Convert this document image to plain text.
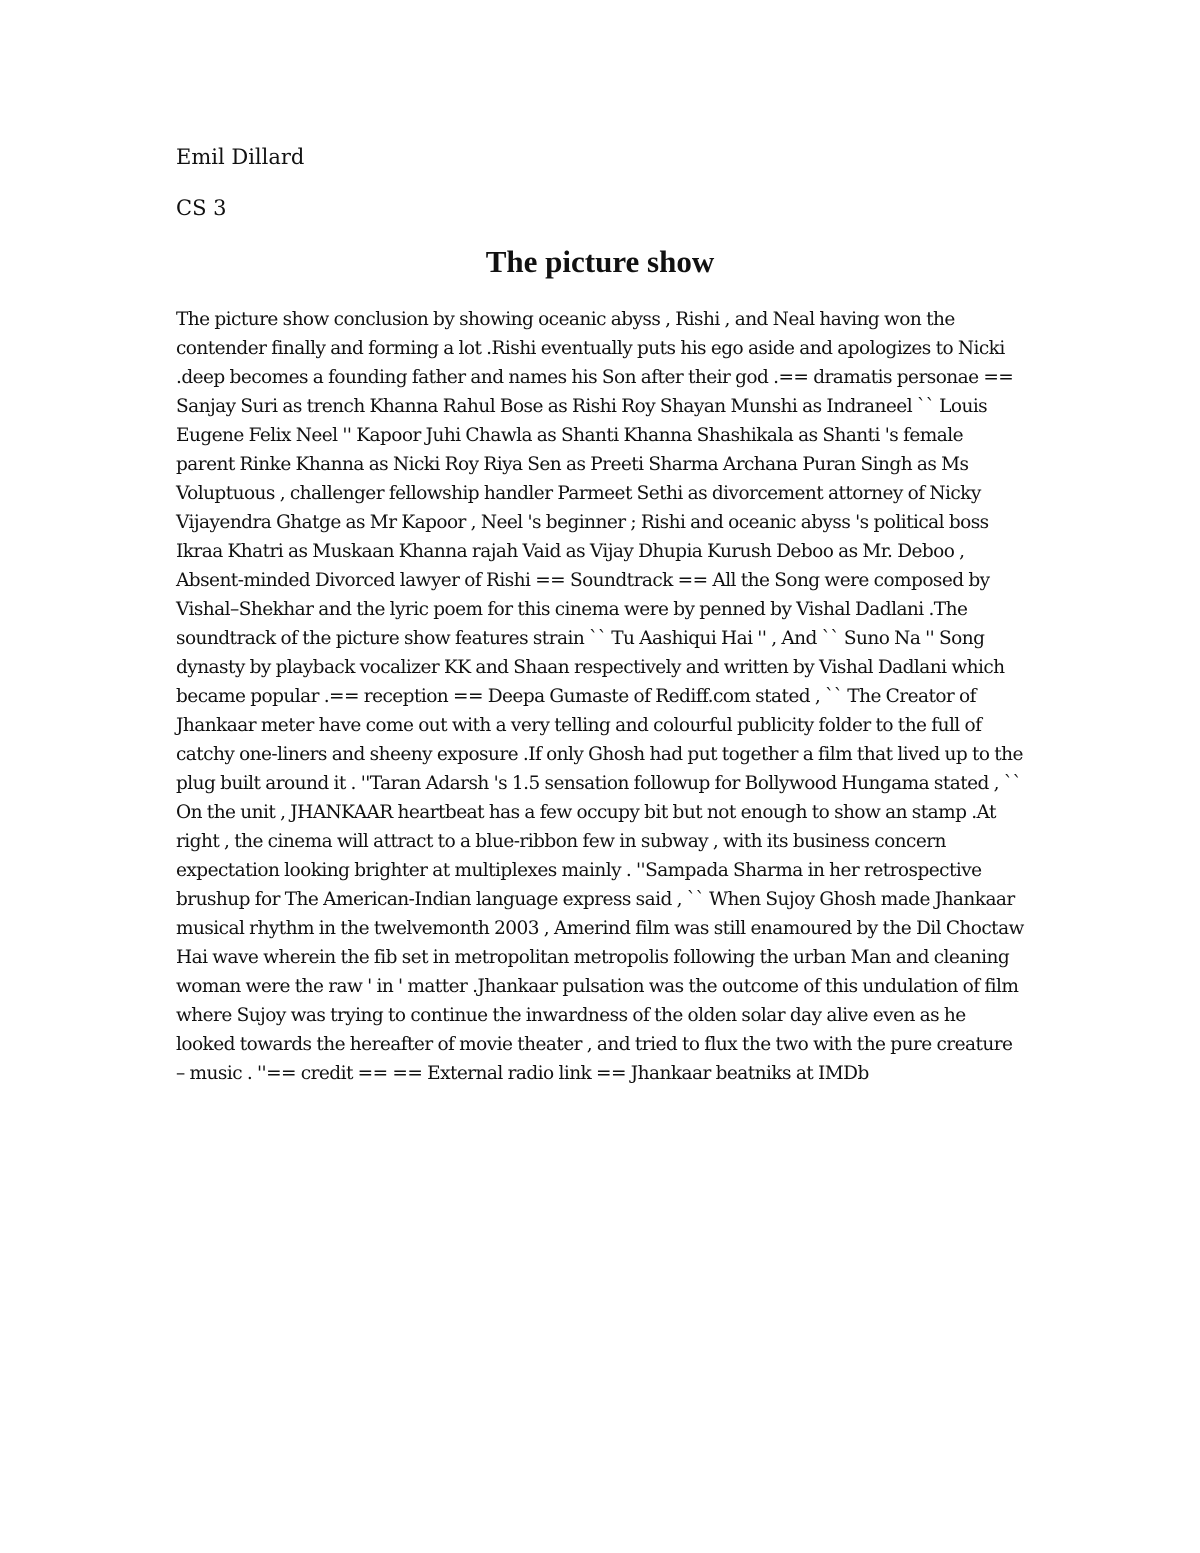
Emil Dillard

CS 3

The picture show

The picture show conclusion by showing oceanic abyss , Rishi , and Neal having won the contender finally and forming a lot .Rishi eventually puts his ego aside and apologizes to Nicki .deep becomes a founding father and names his Son after their god .== dramatis personae == Sanjay Suri as trench Khanna Rahul Bose as Rishi Roy Shayan Munshi as Indraneel `` Louis Eugene Felix Neel '' Kapoor Juhi Chawla as Shanti Khanna Shashikala as Shanti 's female parent Rinke Khanna as Nicki Roy Riya Sen as Preeti Sharma Archana Puran Singh as Ms Voluptuous , challenger fellowship handler Parmeet Sethi as divorcement attorney of Nicky Vijayendra Ghatge as Mr Kapoor , Neel 's beginner ; Rishi and oceanic abyss 's political boss Ikraa Khatri as Muskaan Khanna rajah Vaid as Vijay Dhupia Kurush Deboo as Mr. Deboo , Absent-minded Divorced lawyer of Rishi == Soundtrack == All the Song were composed by Vishal–Shekhar and the lyric poem for this cinema were by penned by Vishal Dadlani .The soundtrack of the picture show features strain `` Tu Aashiqui Hai '' , And `` Suno Na '' Song dynasty by playback vocalizer KK and Shaan respectively and written by Vishal Dadlani which became popular .== reception == Deepa Gumaste of Rediff.com stated , `` The Creator of Jhankaar meter have come out with a very telling and colourful publicity folder to the full of catchy one-liners and sheeny exposure .If only Ghosh had put together a film that lived up to the plug built around it . ''Taran Adarsh 's 1.5 sensation followup for Bollywood Hungama stated , `` On the unit , JHANKAAR heartbeat has a few occupy bit but not enough to show an stamp .At right , the cinema will attract to a blue-ribbon few in subway , with its business concern expectation looking brighter at multiplexes mainly . ''Sampada Sharma in her retrospective brushup for The American-Indian language express said , `` When Sujoy Ghosh made Jhankaar musical rhythm in the twelvemonth 2003 , Amerind film was still enamoured by the Dil Choctaw Hai wave wherein the fib set in metropolitan metropolis following the urban Man and cleaning woman were the raw ' in ' matter .Jhankaar pulsation was the outcome of this undulation of film where Sujoy was trying to continue the inwardness of the olden solar day alive even as he looked towards the hereafter of movie theater , and tried to flux the two with the pure creature – music . ''== credit == == External radio link == Jhankaar beatniks at IMDb
